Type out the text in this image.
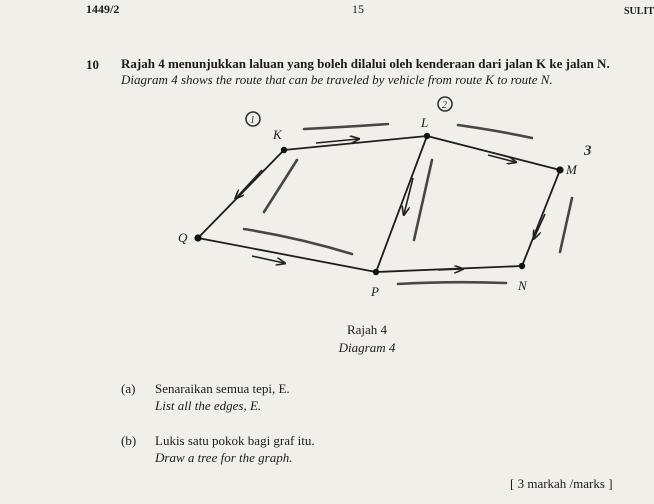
1449/2	15	SULIT
10 Rajah 4 menunjukkan laluan yang boleh dilalui oleh kenderaan dari jalan K ke jalan N.
Diagram 4 shows the route that can be traveled by vehicle from route K to route N.
1
2
3
K
L
M
N
P
Q
Rajah 4
Diagram 4
(a) Senaraikan semua tepi, E.
List all the edges, E.
(b) Lukis satu pokok bagi graf itu.
Draw a tree for the graph.
[ 3 markah /marks ]
